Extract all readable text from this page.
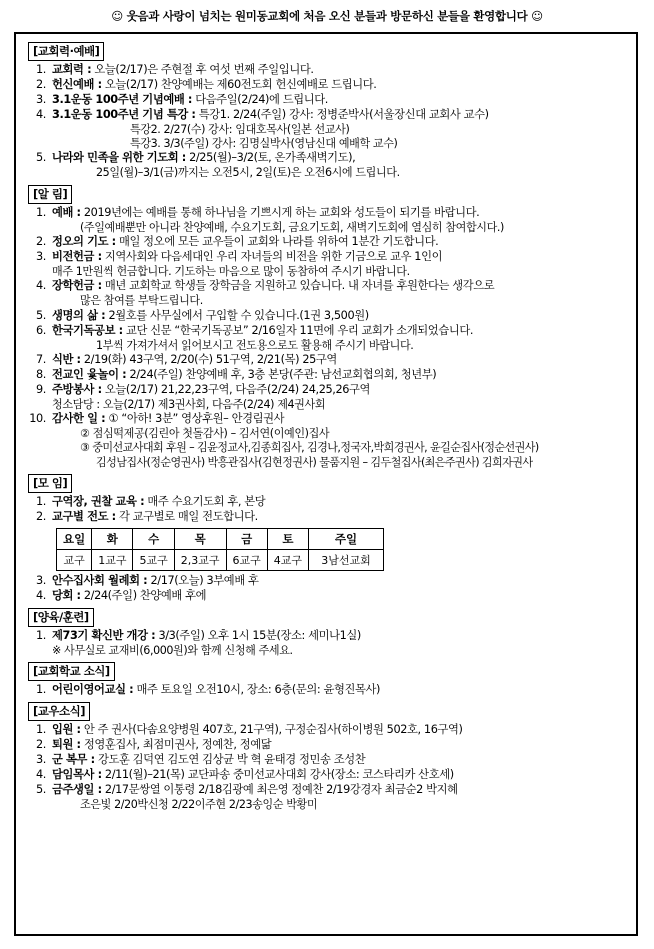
☺ 웃음과 사랑이 넘치는 원미동교회에 처음 오신 분들과 방문하신 분들을 환영합니다 ☺
[교회력·예배]
1. 교회력 : 오늘(2/17)은 주현절 후 여섯 번째 주일입니다.
2. 헌신예배 : 오늘(2/17) 찬양예배는 제60전도회 헌신예배로 드립니다.
3. 3.1운동 100주년 기념예배 : 다음주일(2/24)에 드립니다.
4. 3.1운동 100주년 기념 특강 : 특강1. 2/24(주일) 강사: 정병준박사(서울장신대 교회사 교수)
특강2. 2/27(수) 강사: 임대호목사(일본 선교사)
특강3. 3/3(주일) 강사: 김명실박사(영남신대 예배학 교수)
5. 나라와 민족을 위한 기도회 : 2/25(월)–3/2(토, 온가족새벽기도),
25일(월)–3/1(금)까지는 오전5시, 2일(토)은 오전6시에 드립니다.
[알 림]
1. 예배 : 2019년에는 예배를 통해 하나님을 기쁘시게 하는 교회와 성도들이 되기를 바랍니다.
(주일예배뿐만 아니라 찬양예배, 수요기도회, 금요기도회, 새벽기도회에 열심히 참여합시다.)
2. 정오의 기도 : 매일 정오에 모든 교우들이 교회와 나라를 위하여 1분간 기도합니다.
3. 비전헌금 : 지역사회와 다음세대인 우리 자녀들의 비전을 위한 기금으로 교우 1인이
매주 1만원씩 헌금합니다. 기도하는 마음으로 많이 동참하여 주시기 바랍니다.
4. 장학헌금 : 매년 교회학교 학생들 장학금을 지원하고 있습니다. 내 자녀를 후원한다는 생각으로
많은 참여를 부탁드립니다.
5. 생명의 삶 : 2월호를 사무실에서 구입할 수 있습니다.(1권 3,500원)
6. 한국기독공보 : 교단 신문 “한국기독공보” 2/16일자 11면에 우리 교회가 소개되었습니다.
1부씩 가져가셔서 읽어보시고 전도용으로도 활용해 주시기 바랍니다.
7. 식반 : 2/19(화) 43구역, 2/20(수) 51구역, 2/21(목) 25구역
8. 전교인 윷놀이 : 2/24(주일) 찬양예배 후, 3층 본당(주관: 남선교회협의회, 청년부)
9. 주방봉사 : 오늘(2/17) 21,22,23구역, 다음주(2/24) 24,25,26구역
청소담당 : 오늘(2/17) 제3권사회, 다음주(2/24) 제4권사회
10. 감사한 일 : ① “아하! 3분” 영상후원– 안경림권사
② 점심떡제공(김린아 첫돌감사) – 김서연(이예인)집사
③ 중미선교사대회 후원 – 김윤정교사,김종희집사, 김경나,정국자,박희경권사, 윤길순집사(정순선권사)
김성남집사(정순영권사) 박흥관집사(김현정권사) 물품지원 – 김두철집사(최은주권사) 김희자권사
[모 임]
1. 구역장, 권찰 교육 : 매주 수요기도회 후, 본당
2. 교구별 전도 : 각 교구별로 매일 전도합니다.
요일	화	수	목	금	토	주일
교구	1교구	5교구	2,3교구	6교구	4교구	3남선교회
3. 안수집사회 월례회 : 2/17(오늘) 3부예배 후
4. 당회 : 2/24(주일) 찬양예배 후에
[양육/훈련]
1. 제73기 확신반 개강 : 3/3(주일) 오후 1시 15분(장소: 세미나1실)
※ 사무실로 교재비(6,000원)와 함께 신청해 주세요.
[교회학교 소식]
1. 어린이영어교실 : 매주 토요일 오전10시, 장소: 6층(문의: 윤형진목사)
[교우소식]
1. 입원 : 안 주 권사(다솜요양병원 407호, 21구역), 구정순집사(하이병원 502호, 16구역)
2. 퇴원 : 정영훈집사, 최점미권사, 정예찬, 정예닮
3. 군 복무 : 강도훈 김덕연 김도연 김상균 박 혁 윤태경 정민송 조성찬
4. 담임목사 : 2/11(월)–21(목) 교단파송 중미선교사대회 강사(장소: 코스타리카 산호세)
5. 금주생일 : 2/17문쌍열 이통령 2/18김광예 최은영 정예찬 2/19강경자 최금순2 박지혜
조은빛 2/20박신청 2/22이주현 2/23송잉순 박황미
